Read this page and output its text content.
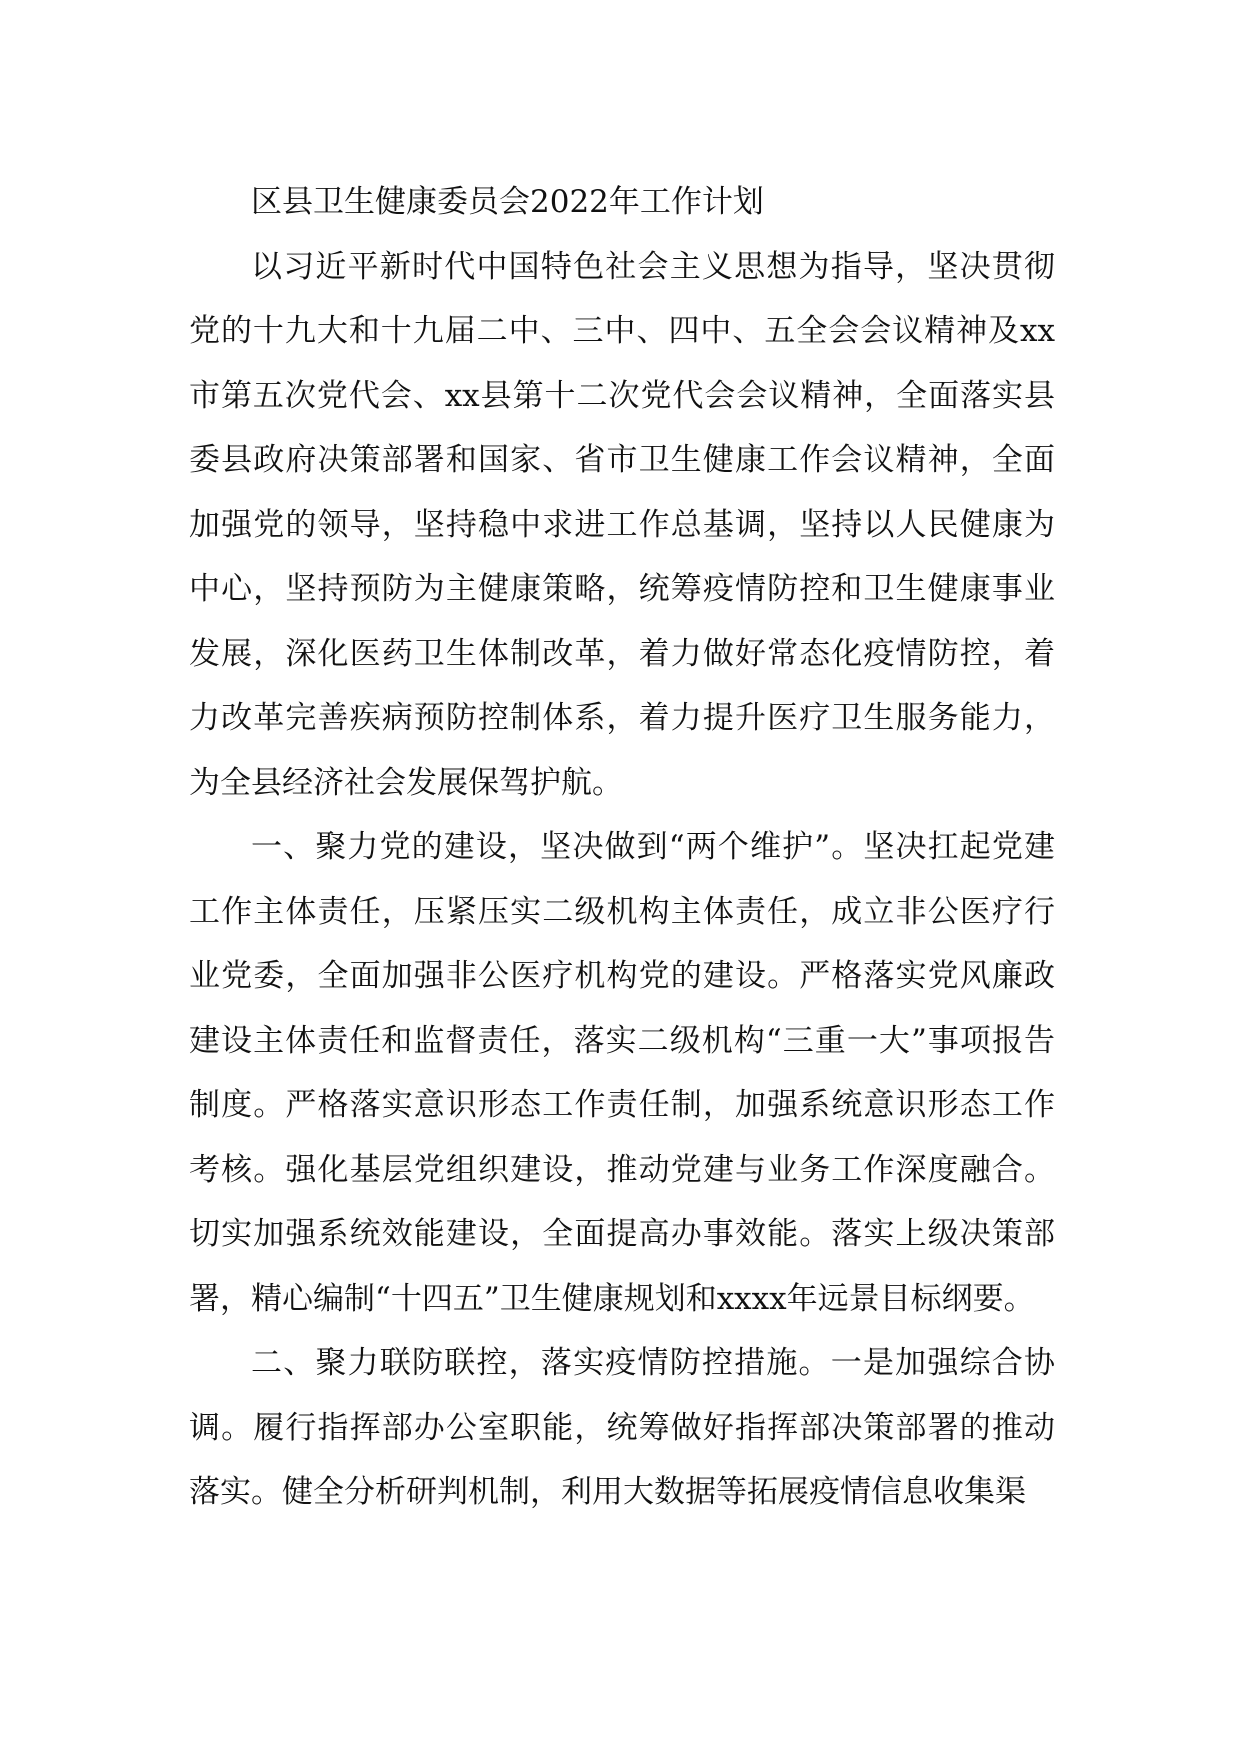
区县卫生健康委员会2022年工作计划

以习近平新时代中国特色社会主义思想为指导，坚决贯彻党的十九大和十九届二中、三中、四中、五全会会议精神及xx市第五次党代会、xx县第十二次党代会会议精神，全面落实县委县政府决策部署和国家、省市卫生健康工作会议精神，全面加强党的领导，坚持稳中求进工作总基调，坚持以人民健康为中心，坚持预防为主健康策略，统筹疫情防控和卫生健康事业发展，深化医药卫生体制改革，着力做好常态化疫情防控，着力改革完善疾病预防控制体系，着力提升医疗卫生服务能力，为全县经济社会发展保驾护航。

一、聚力党的建设，坚决做到“两个维护”。坚决扛起党建工作主体责任，压紧压实二级机构主体责任，成立非公医疗行业党委，全面加强非公医疗机构党的建设。严格落实党风廉政建设主体责任和监督责任，落实二级机构“三重一大”事项报告制度。严格落实意识形态工作责任制，加强系统意识形态工作考核。强化基层党组织建设，推动党建与业务工作深度融合。切实加强系统效能建设，全面提高办事效能。落实上级决策部署，精心编制“十四五”卫生健康规划和xxxx年远景目标纲要。

二、聚力联防联控，落实疫情防控措施。一是加强综合协调。履行指挥部办公室职能，统筹做好指挥部决策部署的推动落实。健全分析研判机制，利用大数据等拓展疫情信息收集渠
